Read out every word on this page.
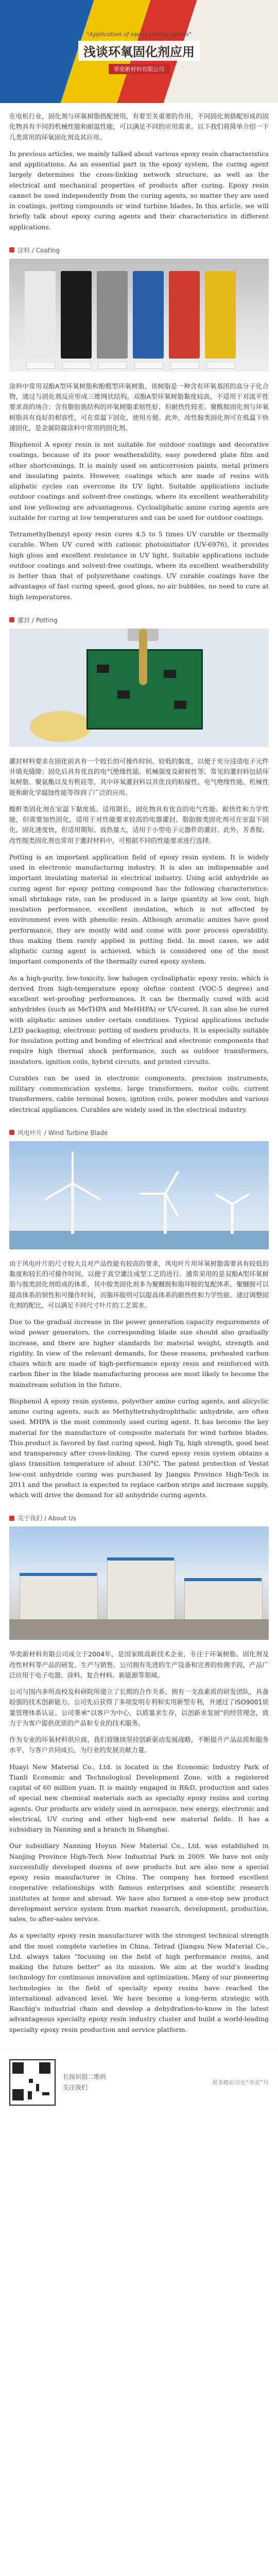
"Application of epoxy curing agents"
浅谈环氧固化剂应用
华奕新材料有限公司

在电机行业，固化剂与环氧树脂搭配使用，有着至关重要的作用，不同固化剂搭配形成的固化物具有不同的机械性能和耐温性能，可以满足不同的应用需求。以下我们将简单介绍一下几类常用的环氧固化剂及其应用。

In previous articles, we mainly talked about various epoxy resin characteristics and applications. As an essential part in the epoxy system, the curing agent largely determines the cross-linking network structure, as well as the electrical and mechanical properties of products after curing. Epoxy resin cannot be used independently from the curing agents, so matter they are used in coatings, potting compounds or wind turbine blades. In this article, we will briefly talk about epoxy curing agents and their characteristics in different applications.

涂料 / Coating

涂料中常用双酚A型环氧树脂和酚醛型环氧树脂，该树脂是一种含有环氧基团的高分子化合物，通过与固化剂反应形成三维网状结构。双酚A型环氧树脂黏度较高，不适用于对流平性要求高的场合；含有脂肪族结构的环氧树脂柔韧性好，但耐热性较差。聚酰胺固化剂与环氧树脂具有良好的相容性，可在常温下固化，使用方便。此外，改性胺类固化剂可在低温下快速固化，是金属防腐涂料中常用的固化剂。

Bisphenol A epoxy resin is not suitable for outdoor coatings and decorative coatings, because of its poor weatherability, easy powdered plate film and other shortcomings. It is mainly used on anticorrosion paints, metal primers and insulating paints. However, coatings which are made of resins with aliphatic cycles can overcome its UV light. Suitable applications include outdoor coatings and solvent-free coatings, where its excellent weatherability and low yellowing are advantageous. Cycloaliphatic amine curing agents are suitable for curing at low temperatures and can be used for outdoor coatings.

Tetramethylbenzyl epoxy resin cures 4.5 to 5 times UV curable or thermally curable. When UV cured with cationic photoinitiator (UV-6976), it provides high gloss and excellent resistance in UV light. Suitable applications include outdoor coatings and solvent-free coatings, where its excellent weatherability is better than that of polyurethane coatings. UV curable coatings have the advantages of fast curing speed, good gloss, no air bubbles, no need to cure at high temperatures.

灌封 / Potting

灌封材料要求在固化前具有一个较长的可操作时间、较低的黏度，以便于充分浸渍电子元件并填充缝隙；固化后具有优良的电气绝缘性能、机械强度及耐候性等。常见的灌封料包括环氧树脂、聚氨酯以及有机硅等，其中环氧灌封料以其优良的粘接性、电气绝缘性能、机械性能和耐化学腐蚀性能等得到了广泛的应用。

酸酐类固化剂在室温下黏度低、适用期长，固化物具有优良的电气性能、耐热性和力学性能，但需要加热固化，适用于对性能要求较高的电器灌封。脂肪胺类固化剂可在室温下固化，固化速度快，但适用期短、放热量大，适用于小型电子元器件的灌封。此外，芳香胺、改性胺类固化剂也常用于灌封材料中，可根据不同的性能要求进行选择。

Potting is an important application field of epoxy resin system. It is widely used in electronic manufacturing industry. It is also an indispensable and important insulating material in electrical industry. Using acid anhydride as curing agent for epoxy potting compound has the following characteristics: small shrinkage rate, can be produced in a large quantity at low cost, high insulation performance, excellent insulation, which is not affected by environment even with phenolic resin. Although aromatic amines have good performance, they are mostly wild and come with poor process operability, thus making them rarely applied in potting field. In most cases, we add aliphatic curing agent is achieved, which is considered one of the most important components of the thermally cured epoxy system.

As a high-purity, low-toxicity, low halogen cycloaliphatic epoxy resin, which is derived from high-temperature epoxy olefine content (VOC-5 degree) and excellent wet-proofing performances. It can be thermally cured with acid anhydrides (such as MeTHPA and MeHHPA) or UV-cured. It can also be cured with aliphatic amines under certain conditions. Typical applications include LED packaging, electronic potting of modern products. It is especially suitable for insulation potting and bonding of electrical and electronic components that require high thermal shock performance, such as outdoor transformers, insulators, ignition coils, hybrid circuits, and printed circuits.

Curables can be used in electronic components, precision instruments, military communication systems, large transformers, motor coils, current transformers, cable terminal boxes, ignition coils, power modules and various electrical appliances. Curables are widely used in the electrical industry.

风电叶片 / Wind Turbine Blade

由于风电叶片的尺寸较大且对产品性能有较高的要求，风电叶片用环氧树脂需要具有较低的黏度和较长的可操作时间，以便于真空灌注成型工艺的进行。通常采用的是双酚A型环氧树脂与胺类固化剂组成的体系，其中胺类固化剂多为聚醚胺和脂环胺的复配体系。聚醚胺可以提高体系的韧性和可操作时间，而脂环胺则可以提高体系的耐热性和力学性能。通过调整固化剂的配比，可以满足不同尺寸叶片的工艺需求。

Due to the gradual increase in the power generation capacity requirements of wind power generators, the corresponding blade size should also gradually increase, and there are higher standards for material weight, strength and rigidity. In view of the relevant demands, for these reasons, preheated carbon chairs which are made of high-performance epoxy resin and reinforced with carbon fiber in the blade manufacturing process are most likely to become the mainstream solution in the future.

Bisphenol A epoxy resin systems, polyether amine curing agents, and alicyclic amine curing agents, such as Methyltetrahydrophthalic anhydride, are often used. MHPA is the most commonly used curing agent. It has become the key material for the manufacture of composite materials for wind turbine blades. This product is favored by fast curing speed, high Tg, high strength, good heat and transparency after cross-linking. The cured epoxy resin system obtains a glass transition temperature of about 130°C. The patent protection of Vestat low-cost anhydride curing was purchased by Jiangsu Province High-Tech in 2011 and the product is expected to replace carbon strips and increase supply, which will drive the demand for all anhydride curing agents.

关于我们 / About Us

华奕新材料有限公司成立于2004年，是国家级高新技术企业，专注于环氧树脂、固化剂及改性材料等产品的研发、生产与销售。公司拥有先进的生产设备和完善的检测手段，产品广泛应用于电子电器、涂料、复合材料、新能源等领域。

公司与国内多所高校及科研院所建立了长期的合作关系，拥有一支高素质的研发团队，具备较强的技术创新能力。公司先后获得了多项发明专利和实用新型专利，并通过了ISO9001质量管理体系认证。公司秉承“以客户为中心，以质量求生存，以创新求发展”的经营理念，致力于为客户提供优质的产品和专业的技术服务。

作为专业的环氧材料供应商，我们将继续坚持创新驱动发展战略，不断提升产品品质和服务水平，与客户共同成长，为行业的发展贡献力量。

Huayi New Material Co., Ltd. is located in the Economic Industry Park of Tianli Economic and Technological Development Zone, with a registered capital of 60 million yuan. It is mainly engaged in R&D, production and sales of special new chemical materials such as specialty epoxy resins and curing agents. Our products are widely used in aerospace, new energy, electronic and electrical, UV curing and other high-end new material fields. It has a subsidiary in Nanning and a branch in Shanghai.

Our subsidiary Nanning Hoyun New Material Co., Ltd. was established in Nanjing Province High-Tech New Industrial Park in 2009. We have not only successfully developed dozens of new products but are also now a special epoxy resin manufacturer in China. The company has formed excellent cooperative relationships with famous enterprises and scientific research institutes at home and abroad. We have also formed a one-stop new product development service system from market research, development, production, sales, to after-sales service.

As a specialty epoxy resin manufacturer with the strongest technical strength and the most complete varieties in China, Tetrad (Jiangsu New Material Co., Ltd. always takes "focusing on the field of high performance resins, and making the future better" as its mission. We aim at the world's leading technology for continuous innovation and optimization. Many of our pioneering technologies in the field of specialty epoxy resins have reached the international advanced level. We have become a long-term strategic with Raschig's industrial chain and develop a dehydration-to-know in the latest advantageous specialty epoxy resin industry cluster and build a world-leading specialty epoxy resin production and service platform.

长按识别二维码
关注我们
更多精彩尽在“华奕”号
